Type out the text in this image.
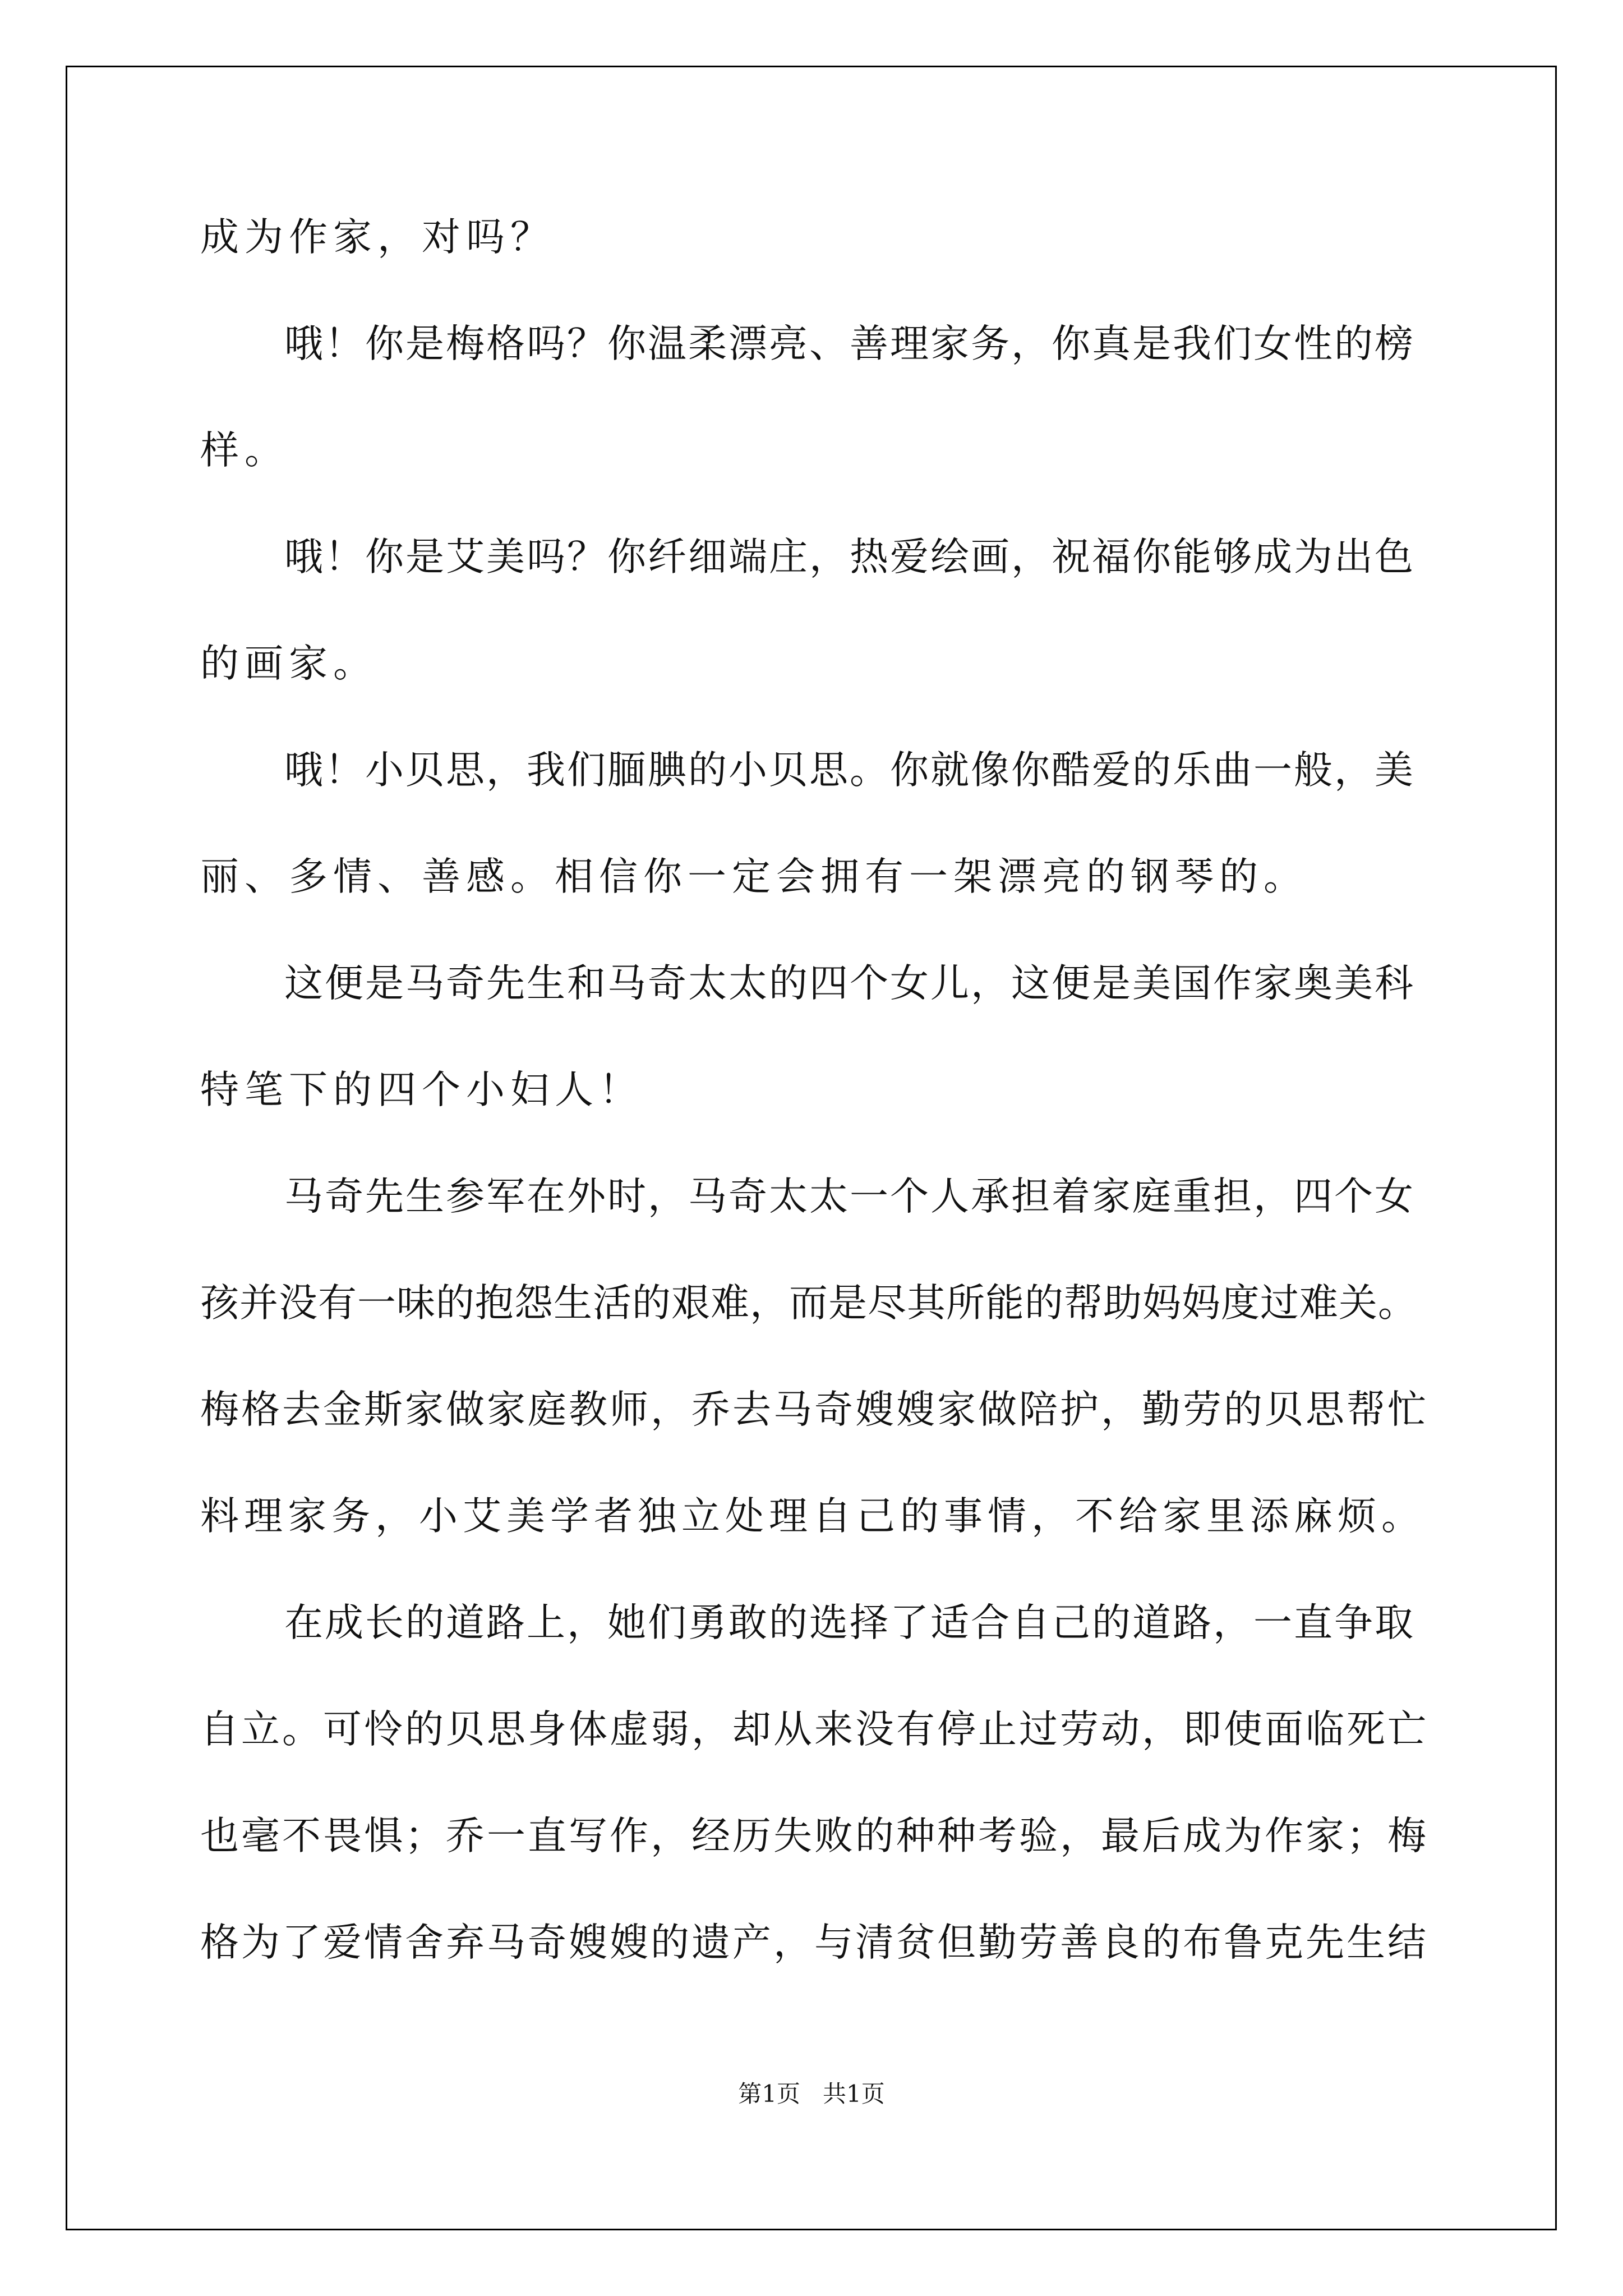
成为作家，对吗？
哦！你是梅格吗？你温柔漂亮、善理家务，你真是我们女性的榜
样。
哦！你是艾美吗？你纤细端庄，热爱绘画，祝福你能够成为出色
的画家。
哦！小贝思，我们腼腆的小贝思。你就像你酷爱的乐曲一般，美
丽、多情、善感。相信你一定会拥有一架漂亮的钢琴的。
这便是马奇先生和马奇太太的四个女儿，这便是美国作家奥美科
特笔下的四个小妇人！
马奇先生参军在外时，马奇太太一个人承担着家庭重担，四个女
孩并没有一味的抱怨生活的艰难，而是尽其所能的帮助妈妈度过难关。
梅格去金斯家做家庭教师，乔去马奇嫂嫂家做陪护，勤劳的贝思帮忙
料理家务，小艾美学者独立处理自己的事情，不给家里添麻烦。
在成长的道路上，她们勇敢的选择了适合自己的道路，一直争取
自立。可怜的贝思身体虚弱，却从来没有停止过劳动，即使面临死亡
也毫不畏惧；乔一直写作，经历失败的种种考验，最后成为作家；梅
格为了爱情舍弃马奇嫂嫂的遗产，与清贫但勤劳善良的布鲁克先生结
第1页 共1页
